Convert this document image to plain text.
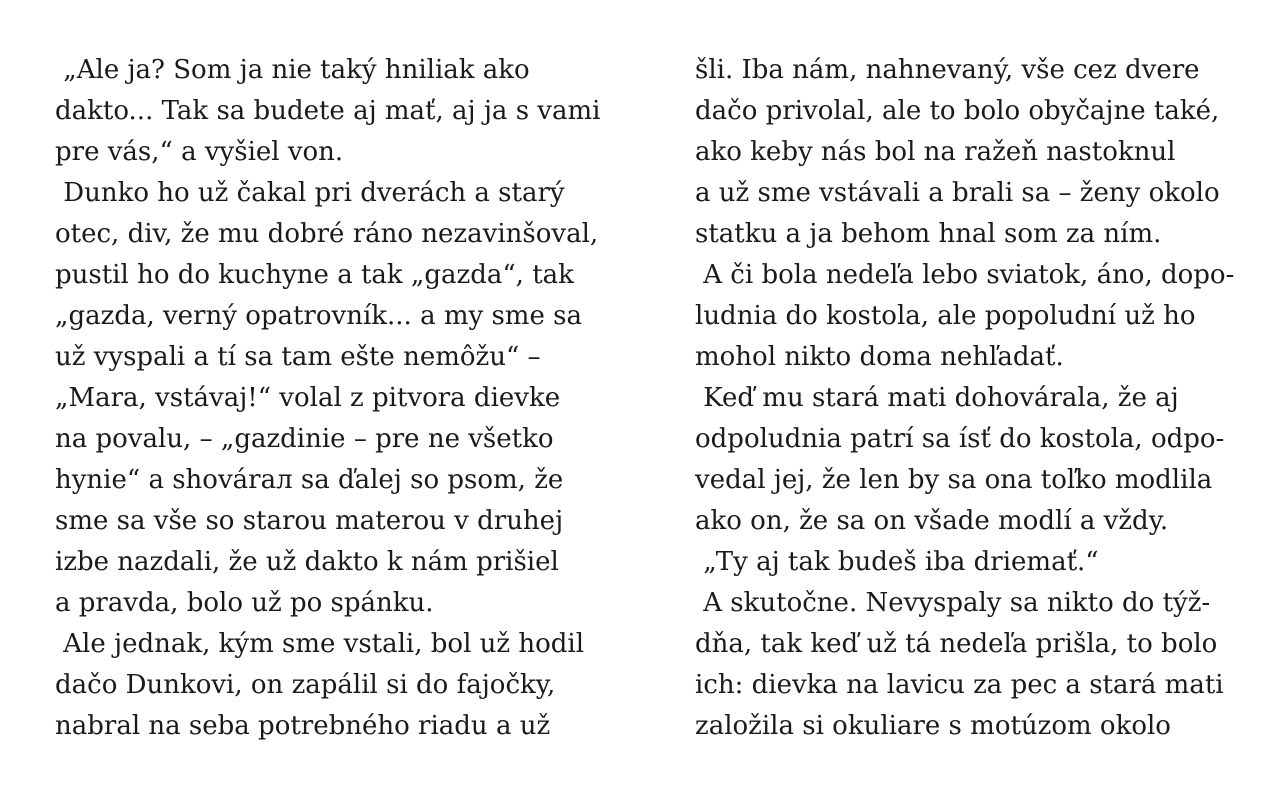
„Ale ja? Som ja nie taký hniliak ako
dakto... Tak sa budete aj mať, aj ja s vami
pre vás,“ a vyšiel von.
Dunko ho už čakal pri dverách a starý
otec, div, že mu dobré ráno nezavinšoval,
pustil ho do kuchyne a tak „gazda“, tak
„gazda, verný opatrovník... a my sme sa
už vyspali a tí sa tam ešte nemôžu“ –
„Mara, vstávaj!“ volal z pitvora dievke
na povalu, – „gazdinie – pre ne všetko
hynie“ a shovárал sa ďalej so psom, že
sme sa vše so starou materou v druhej
izbe nazdali, že už dakto k nám prišiel
a pravda, bolo už po spánku.
Ale jednak, kým sme vstali, bol už hodil
dačo Dunkovi, on zapálil si do fajočky,
nabral na seba potrebného riadu a už
šli. Iba nám, nahnevaný, vše cez dvere
dačo privolal, ale to bolo obyčajne také,
ako keby nás bol na ražeň nastoknul
a už sme vstávali a brali sa – ženy okolo
statku a ja behom hnal som za ním.
A či bola nedeľa lebo sviatok, áno, dopo-
ludnia do kostola, ale popoludní už ho
mohol nikto doma nehľadať.
Keď mu stará mati dohovárala, že aj
odpoludnia patrí sa ísť do kostola, odpo-
vedal jej, že len by sa ona toľko modlila
ako on, že sa on všade modlí a vždy.
„Ty aj tak budeš iba driemať.“
A skutočne. Nevyspaly sa nikto do týž-
dňa, tak keď už tá nedeľa prišla, to bolo
ich: dievka na lavicu za pec a stará mati
založila si okuliare s motúzom okolo
